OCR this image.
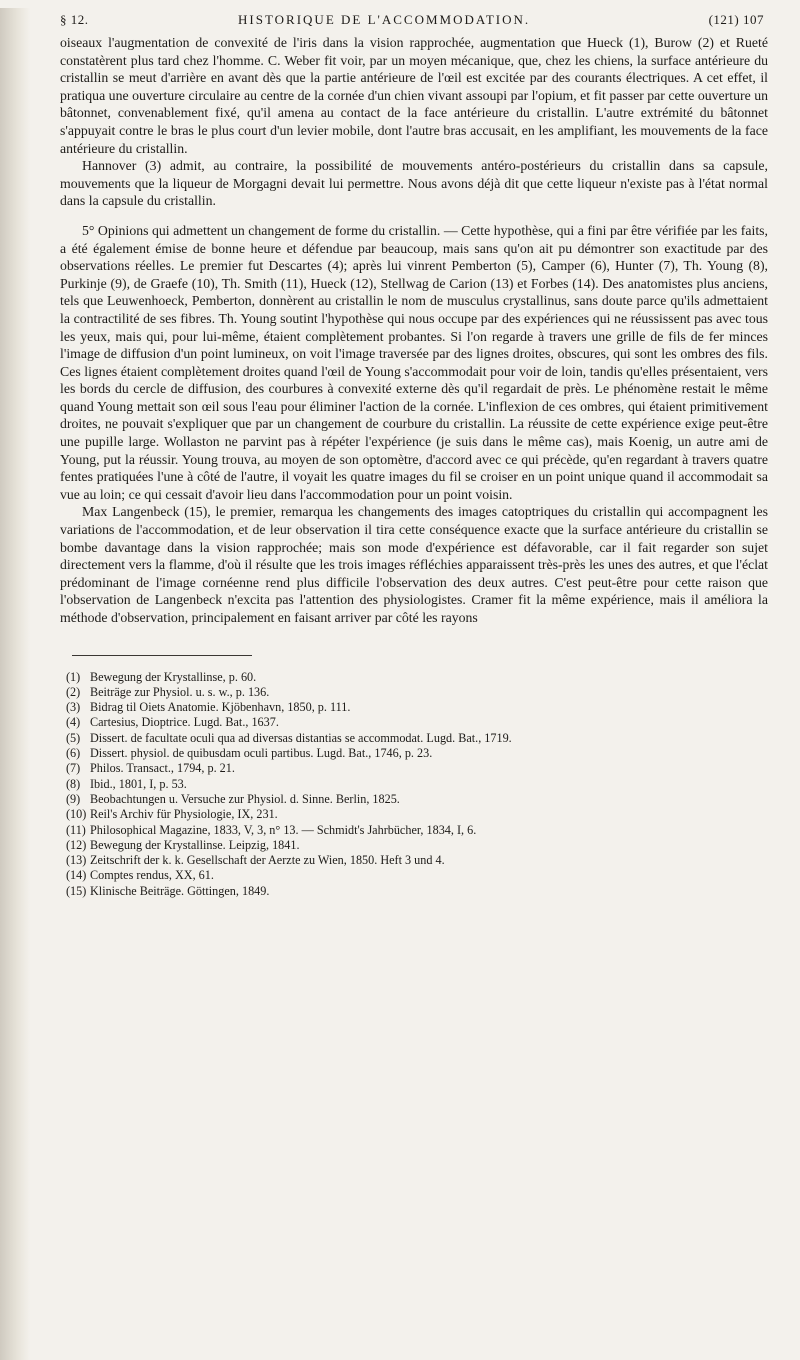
§ 12.	HISTORIQUE DE L'ACCOMMODATION.	(121) 107

oiseaux l'augmentation de convexité de l'iris dans la vision rapprochée, augmentation que Hueck (1), Burow (2) et Rueté constatèrent plus tard chez l'homme. C. Weber fit voir, par un moyen mécanique, que, chez les chiens, la surface antérieure du cristallin se meut d'arrière en avant dès que la partie antérieure de l'œil est excitée par des courants électriques. A cet effet, il pratiqua une ouverture circulaire au centre de la cornée d'un chien vivant assoupi par l'opium, et fit passer par cette ouverture un bâtonnet, convenablement fixé, qu'il amena au contact de la face antérieure du cristallin. L'autre extrémité du bâtonnet s'appuyait contre le bras le plus court d'un levier mobile, dont l'autre bras accusait, en les amplifiant, les mouvements de la face antérieure du cristallin.

Hannover (3) admit, au contraire, la possibilité de mouvements antéro-postérieurs du cristallin dans sa capsule, mouvements que la liqueur de Morgagni devait lui permettre. Nous avons déjà dit que cette liqueur n'existe pas à l'état normal dans la capsule du cristallin.

5° Opinions qui admettent un changement de forme du cristallin. — Cette hypothèse, qui a fini par être vérifiée par les faits, a été également émise de bonne heure et défendue par beaucoup, mais sans qu'on ait pu démontrer son exactitude par des observations réelles. Le premier fut Descartes (4); après lui vinrent Pemberton (5), Camper (6), Hunter (7), Th. Young (8), Purkinje (9), de Graefe (10), Th. Smith (11), Hueck (12), Stellwag de Carion (13) et Forbes (14). Des anatomistes plus anciens, tels que Leuwenhoeck, Pemberton, donnèrent au cristallin le nom de musculus crystallinus, sans doute parce qu'ils admettaient la contractilité de ses fibres. Th. Young soutint l'hypothèse qui nous occupe par des expériences qui ne réussissent pas avec tous les yeux, mais qui, pour lui-même, étaient complètement probantes. Si l'on regarde à travers une grille de fils de fer minces l'image de diffusion d'un point lumineux, on voit l'image traversée par des lignes droites, obscures, qui sont les ombres des fils. Ces lignes étaient complètement droites quand l'œil de Young s'accommodait pour voir de loin, tandis qu'elles présentaient, vers les bords du cercle de diffusion, des courbures à convexité externe dès qu'il regardait de près. Le phénomène restait le même quand Young mettait son œil sous l'eau pour éliminer l'action de la cornée. L'inflexion de ces ombres, qui étaient primitivement droites, ne pouvait s'expliquer que par un changement de courbure du cristallin. La réussite de cette expérience exige peut-être une pupille large. Wollaston ne parvint pas à répéter l'expérience (je suis dans le même cas), mais Koenig, un autre ami de Young, put la réussir. Young trouva, au moyen de son optomètre, d'accord avec ce qui précède, qu'en regardant à travers quatre fentes pratiquées l'une à côté de l'autre, il voyait les quatre images du fil se croiser en un point unique quand il accommodait sa vue au loin; ce qui cessait d'avoir lieu dans l'accommodation pour un point voisin.

Max Langenbeck (15), le premier, remarqua les changements des images catoptriques du cristallin qui accompagnent les variations de l'accommodation, et de leur observation il tira cette conséquence exacte que la surface antérieure du cristallin se bombe davantage dans la vision rapprochée; mais son mode d'expérience est défavorable, car il fait regarder son sujet directement vers la flamme, d'où il résulte que les trois images réfléchies apparaissent très-près les unes des autres, et que l'éclat prédominant de l'image cornéenne rend plus difficile l'observation des deux autres. C'est peut-être pour cette raison que l'observation de Langenbeck n'excita pas l'attention des physiologistes. Cramer fit la même expérience, mais il améliora la méthode d'observation, principalement en faisant arriver par côté les rayons

(1) Bewegung der Krystallinse, p. 60.
(2) Beiträge zur Physiol. u. s. w., p. 136.
(3) Bidrag til Oiets Anatomie. Kjöbenhavn, 1850, p. 111.
(4) Cartesius, Dioptrice. Lugd. Bat., 1637.
(5) Dissert. de facultate oculi qua ad diversas distantias se accommodat. Lugd. Bat., 1719.
(6) Dissert. physiol. de quibusdam oculi partibus. Lugd. Bat., 1746, p. 23.
(7) Philos. Transact., 1794, p. 21.
(8) Ibid., 1801, I, p. 53.
(9) Beobachtungen u. Versuche zur Physiol. d. Sinne. Berlin, 1825.
(10) Reil's Archiv für Physiologie, IX, 231.
(11) Philosophical Magazine, 1833, V, 3, n° 13. — Schmidt's Jahrbücher, 1834, I, 6.
(12) Bewegung der Krystallinse. Leipzig, 1841.
(13) Zeitschrift der k. k. Gesellschaft der Aerzte zu Wien, 1850. Heft 3 und 4.
(14) Comptes rendus, XX, 61.
(15) Klinische Beiträge. Göttingen, 1849.
